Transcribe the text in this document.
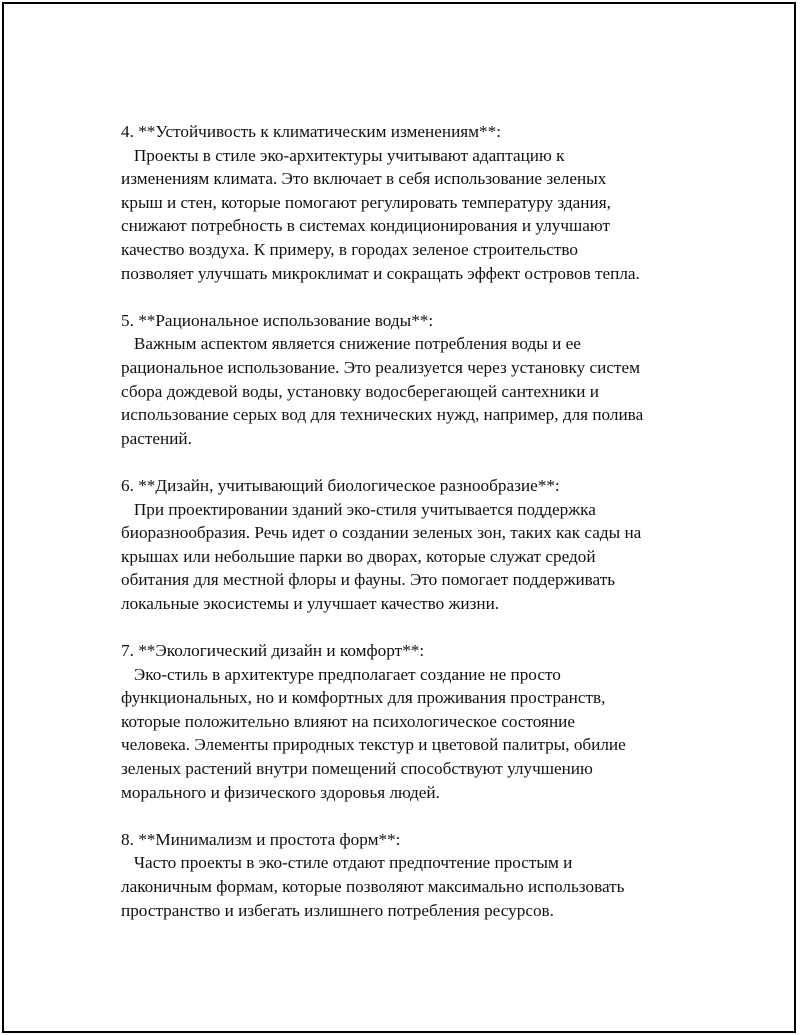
4. **Устойчивость к климатическим изменениям**:
Проекты в стиле эко-архитектуры учитывают адаптацию к
изменениям климата. Это включает в себя использование зеленых
крыш и стен, которые помогают регулировать температуру здания,
снижают потребность в системах кондиционирования и улучшают
качество воздуха. К примеру, в городах зеленое строительство
позволяет улучшать микроклимат и сокращать эффект островов тепла.
5. **Рациональное использование воды**:
Важным аспектом является снижение потребления воды и ее
рациональное использование. Это реализуется через установку систем
сбора дождевой воды, установку водосберегающей сантехники и
использование серых вод для технических нужд, например, для полива
растений.
6. **Дизайн, учитывающий биологическое разнообразие**:
При проектировании зданий эко-стиля учитывается поддержка
биоразнообразия. Речь идет о создании зеленых зон, таких как сады на
крышах или небольшие парки во дворах, которые служат средой
обитания для местной флоры и фауны. Это помогает поддерживать
локальные экосистемы и улучшает качество жизни.
7. **Экологический дизайн и комфорт**:
Эко-стиль в архитектуре предполагает создание не просто
функциональных, но и комфортных для проживания пространств,
которые положительно влияют на психологическое состояние
человека. Элементы природных текстур и цветовой палитры, обилие
зеленых растений внутри помещений способствуют улучшению
морального и физического здоровья людей.
8. **Минимализм и простота форм**:
Часто проекты в эко-стиле отдают предпочтение простым и
лаконичным формам, которые позволяют максимально использовать
пространство и избегать излишнего потребления ресурсов.
